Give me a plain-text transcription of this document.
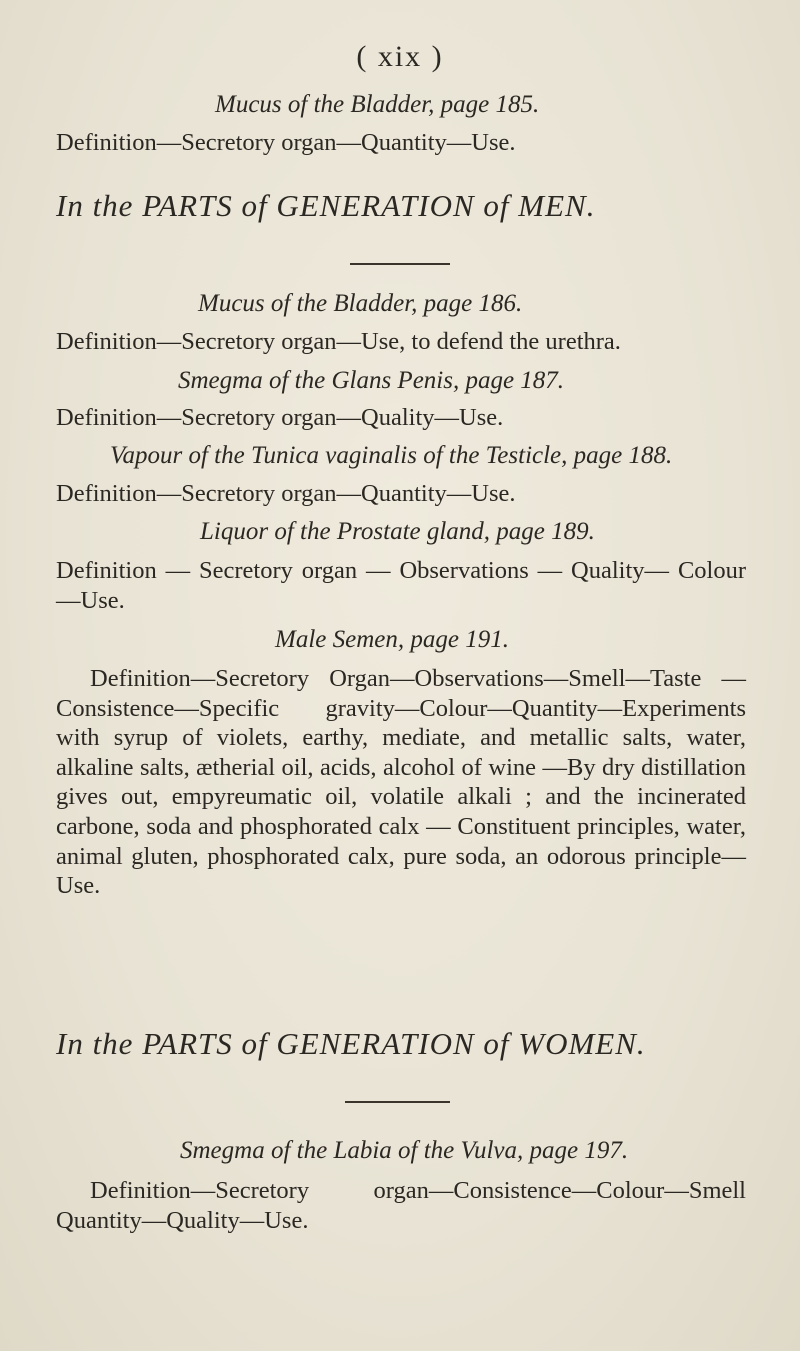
( xix )
Mucus of the Bladder, page 185.
Definition—Secretory organ—Quantity—Use.
In the PARTS of GENERATION of MEN.
Mucus of the Bladder, page 186.
Definition—Secretory organ—Use, to defend the urethra.
Smegma of the Glans Penis, page 187.
Definition—Secretory organ—Quality—Use.
Vapour of the Tunica vaginalis of the Testicle, page 188.
Definition—Secretory organ—Quantity—Use.
Liquor of the Prostate gland, page 189.
Definition — Secretory organ — Observations — Quality— Colour—Use.
Male Semen, page 191.
Definition—Secretory Organ—Observations—Smell—Taste —Consistence—Specific gravity—Colour—Quantity—Experiments with syrup of violets, earthy, mediate, and metallic salts, water, alkaline salts, ætherial oil, acids, alcohol of wine —By dry distillation gives out, empyreumatic oil, volatile alkali ; and the incinerated carbone, soda and phosphorated calx — Constituent principles, water, animal gluten, phosphorated calx, pure soda, an odorous principle—Use.
In the PARTS of GENERATION of WOMEN.
Smegma of the Labia of the Vulva, page 197.
Definition—Secretory organ—Consistence—Colour—Smell Quantity—Quality—Use.
